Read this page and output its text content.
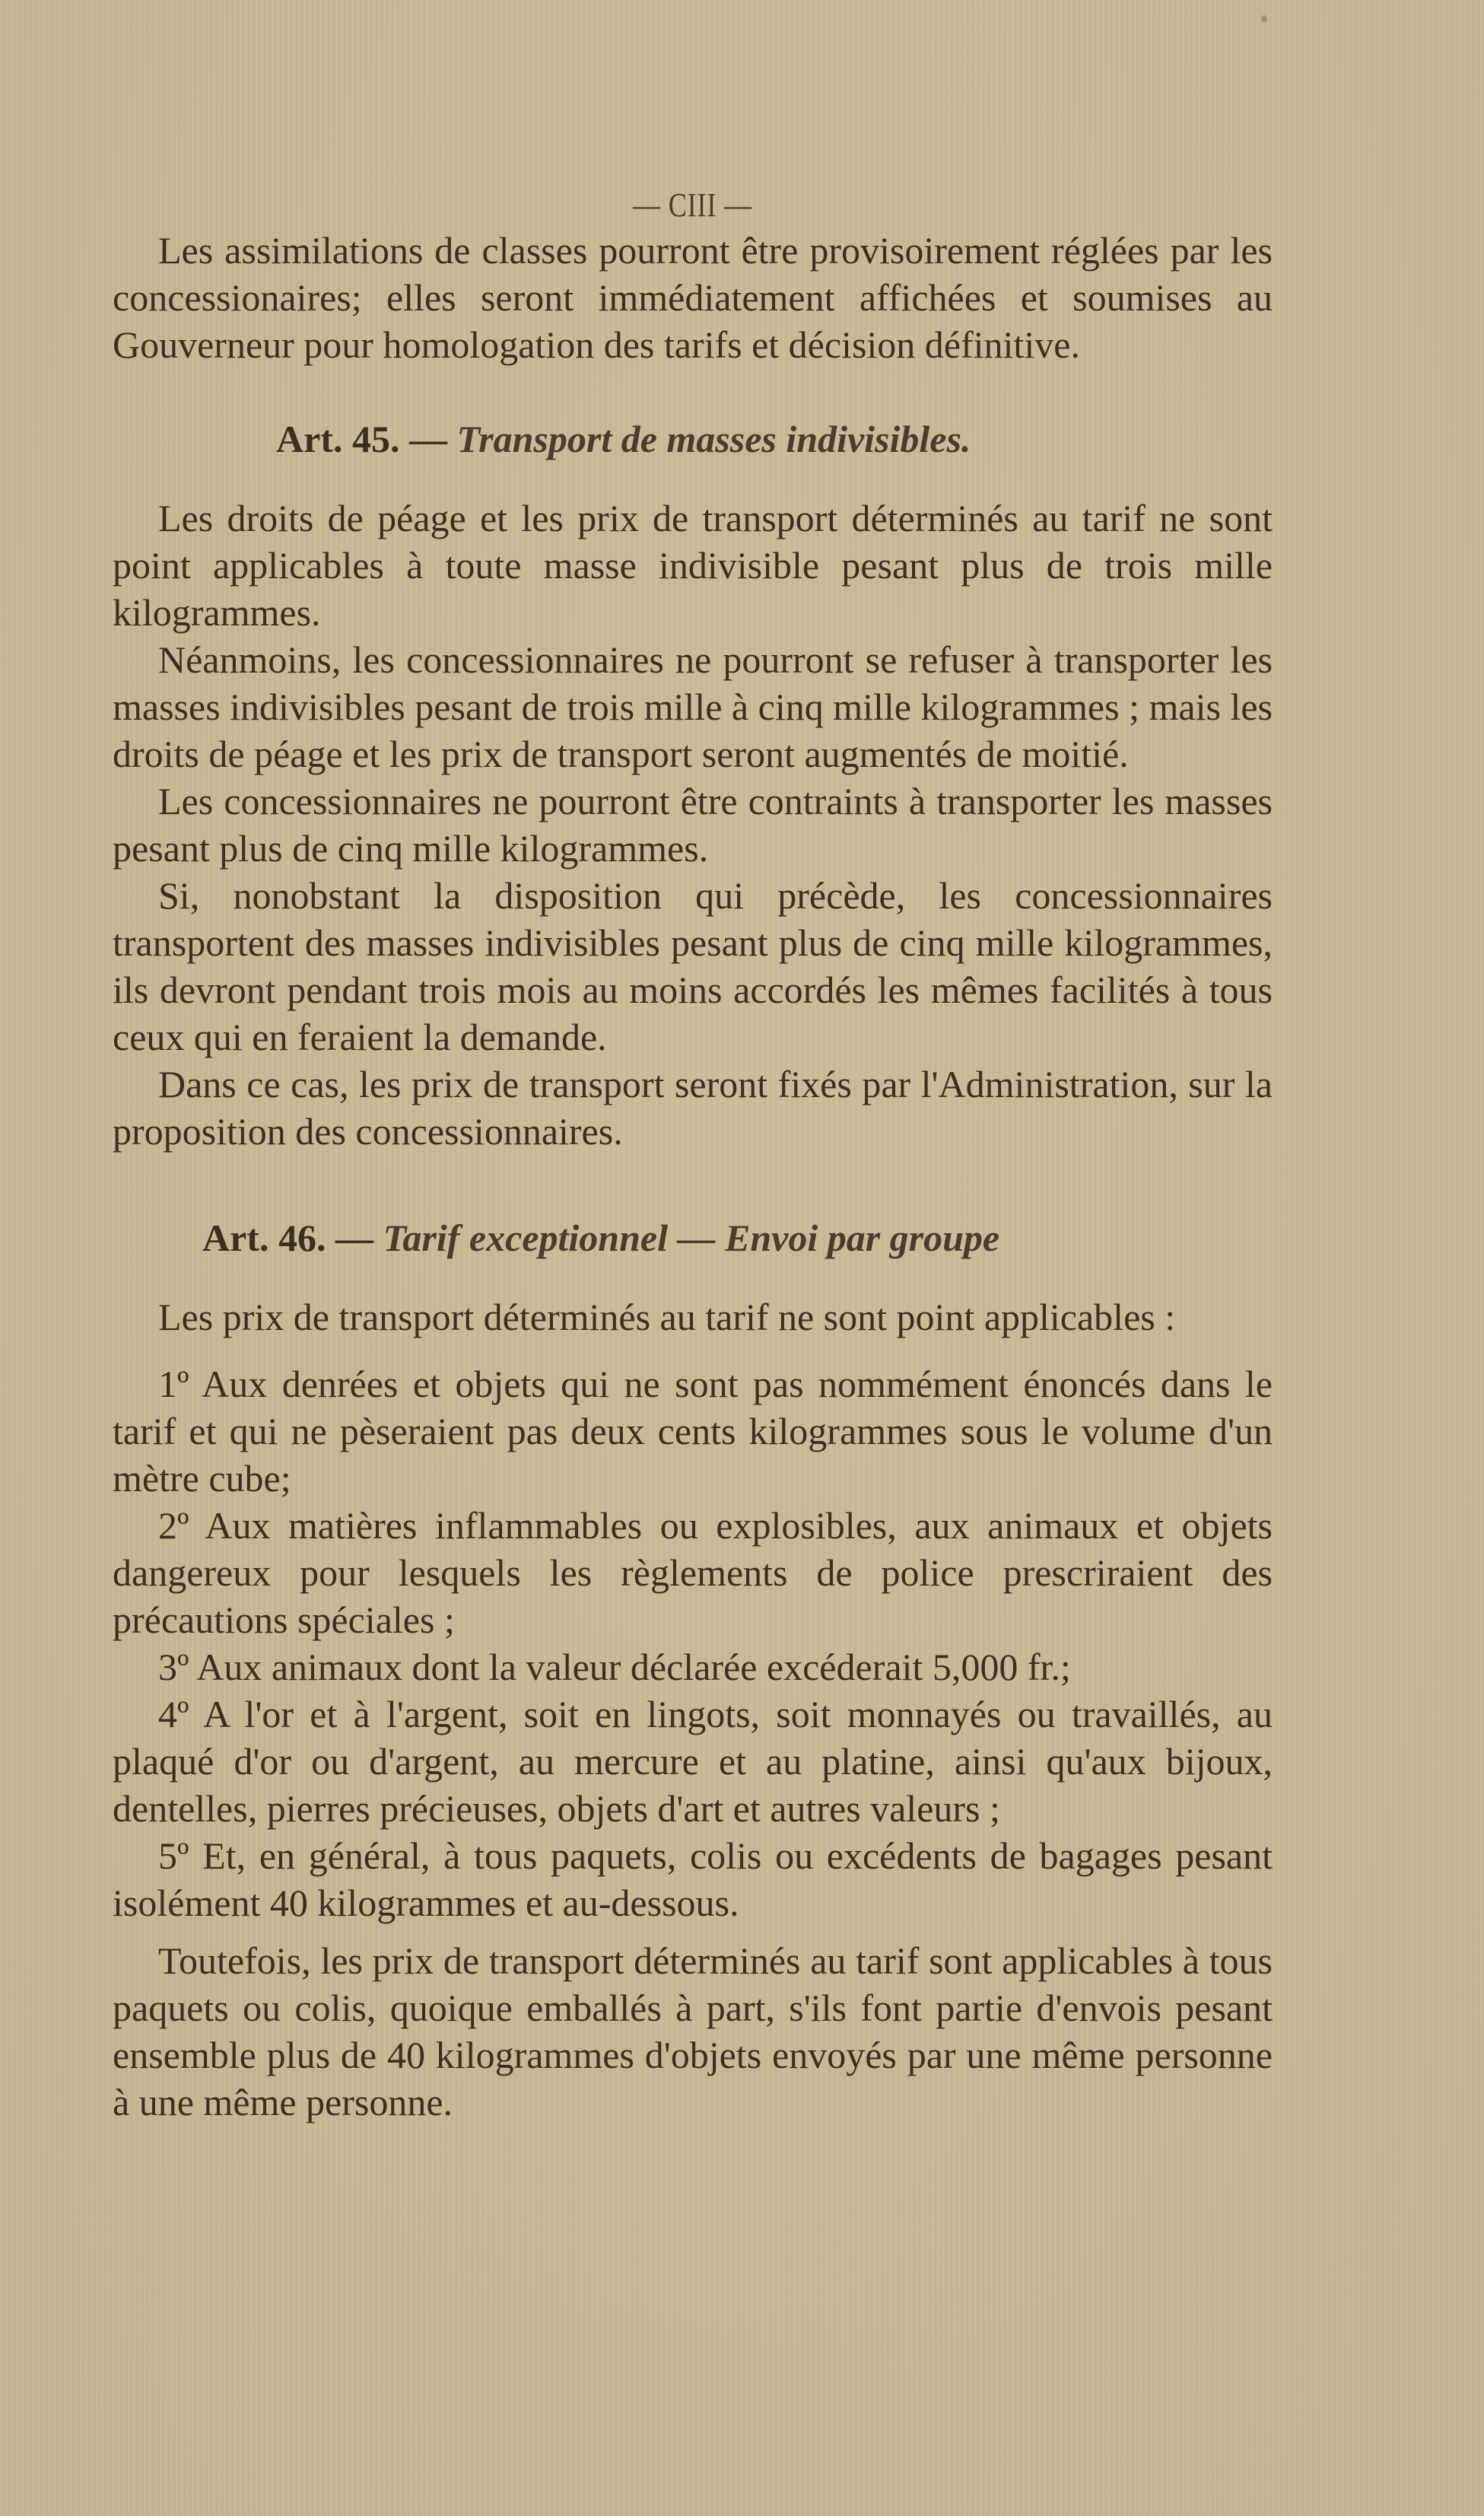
— CIII —

Les assimilations de classes pourront être provisoirement réglées par les concessionaires; elles seront immédiatement affichées et soumises au Gouverneur pour homologation des tarifs et décision définitive.

Art. 45. — Transport de masses indivisibles.

Les droits de péage et les prix de transport déterminés au tarif ne sont point applicables à toute masse indivisible pesant plus de trois mille kilogrammes.

Néanmoins, les concessionnaires ne pourront se refuser à transporter les masses indivisibles pesant de trois mille à cinq mille kilogrammes ; mais les droits de péage et les prix de transport seront augmentés de moitié.

Les concessionnaires ne pourront être contraints à transporter les masses pesant plus de cinq mille kilogrammes.

Si, nonobstant la disposition qui précède, les concessionnaires transportent des masses indivisibles pesant plus de cinq mille kilogrammes, ils devront pendant trois mois au moins accordés les mêmes facilités à tous ceux qui en feraient la demande.

Dans ce cas, les prix de transport seront fixés par l'Administration, sur la proposition des concessionnaires.

Art. 46. — Tarif exceptionnel — Envoi par groupe

Les prix de transport déterminés au tarif ne sont point applicables :

1º Aux denrées et objets qui ne sont pas nommément énoncés dans le tarif et qui ne pèseraient pas deux cents kilogrammes sous le volume d'un mètre cube;

2º Aux matières inflammables ou explosibles, aux animaux et objets dangereux pour lesquels les règlements de police prescriraient des précautions spéciales ;

3º Aux animaux dont la valeur déclarée excéderait 5,000 fr.;

4º A l'or et à l'argent, soit en lingots, soit monnayés ou travaillés, au plaqué d'or ou d'argent, au mercure et au platine, ainsi qu'aux bijoux, dentelles, pierres précieuses, objets d'art et autres valeurs ;

5º Et, en général, à tous paquets, colis ou excédents de bagages pesant isolément 40 kilogrammes et au-dessous.

Toutefois, les prix de transport déterminés au tarif sont applicables à tous paquets ou colis, quoique emballés à part, s'ils font partie d'envois pesant ensemble plus de 40 kilogrammes d'objets envoyés par une même personne à une même personne.
